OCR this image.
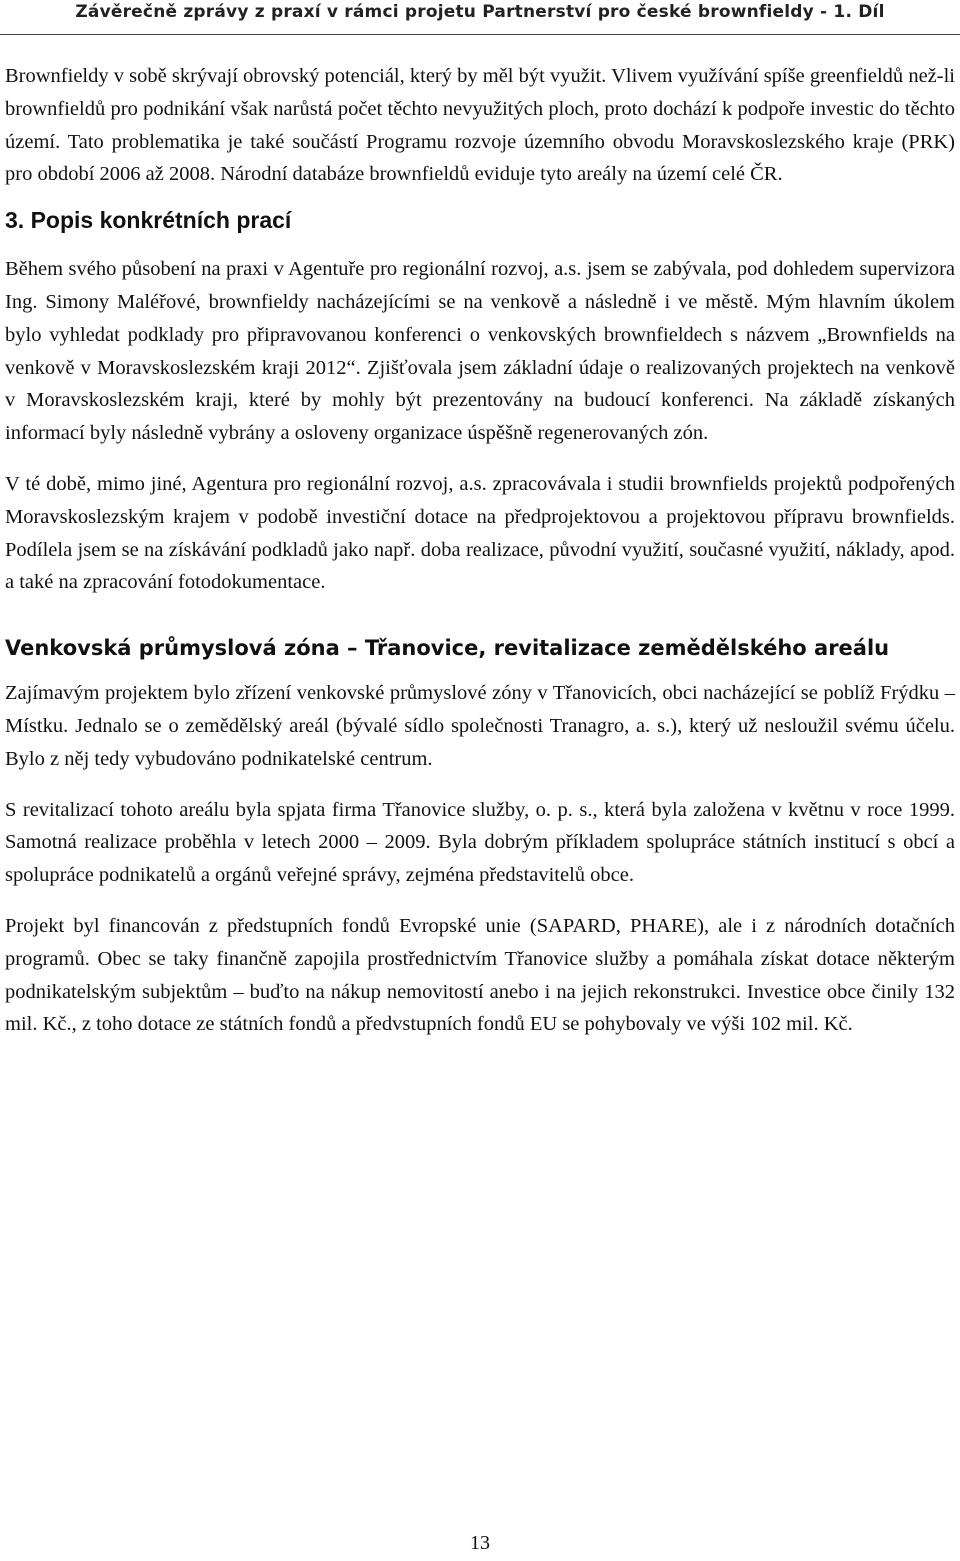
Závěrečně zprávy z praxí v rámci projetu Partnerství pro české brownfieldy - 1. Díl

Brownfieldy v sobě skrývají obrovský potenciál, který by měl být využit. Vlivem využívání spíše greenfieldů než-li brownfieldů pro podnikání však narůstá počet těchto nevyužitých ploch, proto dochází k podpoře investic do těchto území. Tato problematika je také součástí Programu rozvoje územního obvodu Moravskoslezského kraje (PRK) pro období 2006 až 2008. Národní databáze brownfieldů eviduje tyto areály na území celé ČR.

3. Popis konkrétních prací

Během svého působení na praxi v Agentuře pro regionální rozvoj, a.s. jsem se zabývala, pod dohledem supervizora Ing. Simony Maléřové, brownfieldy nacházejícími se na venkově a následně i ve městě. Mým hlavním úkolem bylo vyhledat podklady pro připravovanou konferenci o venkovských brownfieldech s názvem „Brownfields na venkově v Moravskoslezském kraji 2012“. Zjišťovala jsem základní údaje o realizovaných projektech na venkově v Moravskoslezském kraji, které by mohly být prezentovány na budoucí konferenci. Na základě získaných informací byly následně vybrány a osloveny organizace úspěšně regenerovaných zón.

V té době, mimo jiné, Agentura pro regionální rozvoj, a.s. zpracovávala i studii brownfields projektů podpořených Moravskoslezským krajem v podobě investiční dotace na předprojektovou a projektovou přípravu brownfields. Podílela jsem se na získávání podkladů jako např. doba realizace, původní využití, současné využití, náklady, apod. a také na zpracování fotodokumentace.

Venkovská průmyslová zóna – Třanovice, revitalizace zemědělského areálu

Zajímavým projektem bylo zřízení venkovské průmyslové zóny v Třanovicích, obci nacházející se poblíž Frýdku – Místku. Jednalo se o zemědělský areál (bývalé sídlo společnosti Tranagro, a. s.), který už nesloužil svému účelu. Bylo z něj tedy vybudováno podnikatelské centrum.

S revitalizací tohoto areálu byla spjata firma Třanovice služby, o. p. s., která byla založena v květnu v roce 1999. Samotná realizace proběhla v letech 2000 – 2009. Byla dobrým příkladem spolupráce státních institucí s obcí a spolupráce podnikatelů a orgánů veřejné správy, zejména představitelů obce.

Projekt byl financován z předstupních fondů Evropské unie (SAPARD, PHARE), ale i z národních dotačních programů. Obec se taky finančně zapojila prostřednictvím Třanovice služby a pomáhala získat dotace některým podnikatelským subjektům – buďto na nákup nemovitostí anebo i na jejich rekonstrukci. Investice obce činily 132 mil. Kč., z toho dotace ze státních fondů a předvstupních fondů EU se pohybovaly ve výši 102 mil. Kč.

13
